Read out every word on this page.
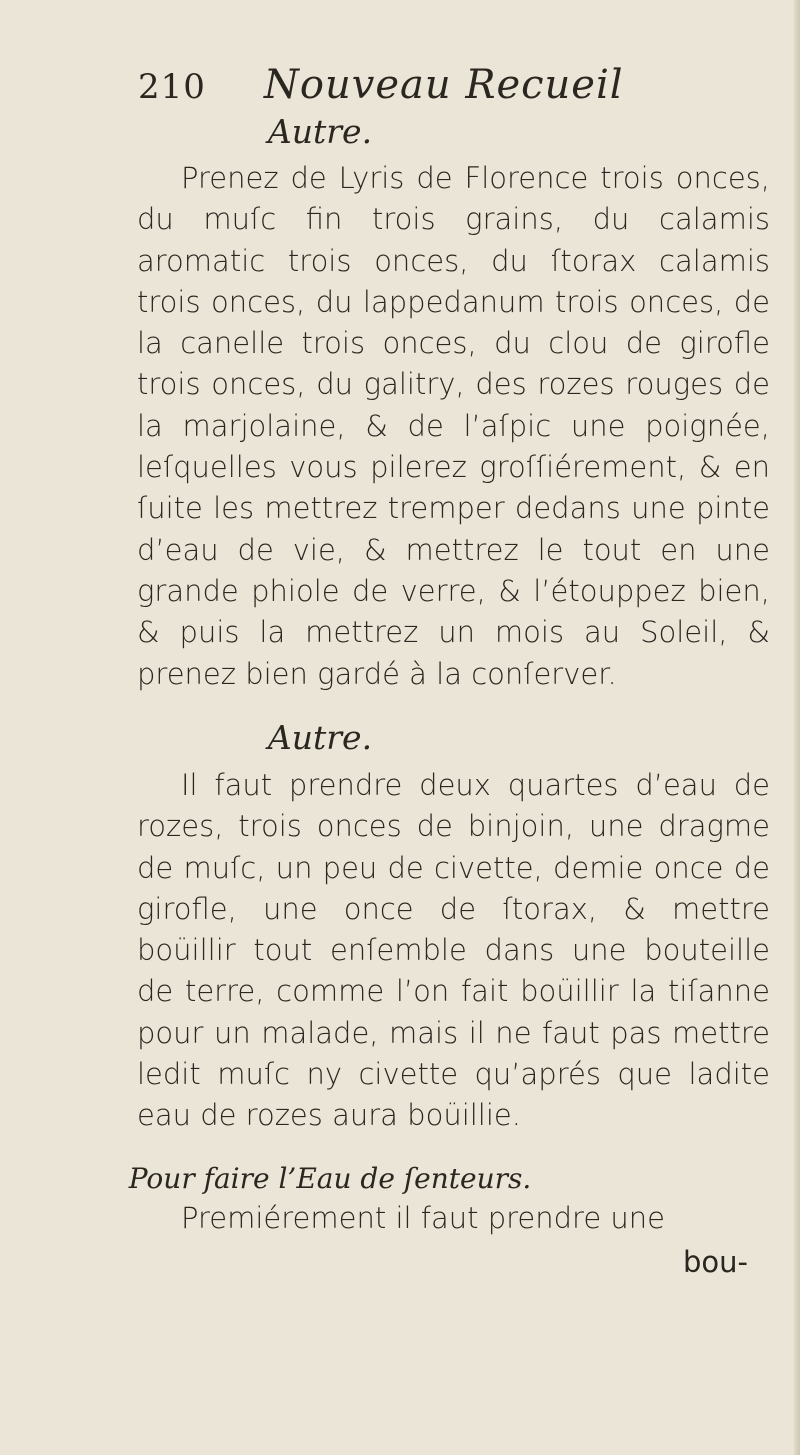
210 Nouveau Recueil
Autre.
Prenez de Lyris de Florence trois onces, du muſc fin trois grains, du calamis aromatic trois onces, du ſtorax calamis trois onces, du lappedanum trois onces, de la canelle trois onces, du clou de girofle trois onces, du galitry, des rozes rouges de la marjolaine, & de l’aſpic une poignée, leſquelles vous pilerez groſſiérement, & en ſuite les mettrez tremper dedans une pinte d’eau de vie, & mettrez le tout en une grande phiole de verre, & l’étouppez bien, & puis la mettrez un mois au Soleil, & prenez bien gardé à la conſerver.
Autre.
Il faut prendre deux quartes d’eau de rozes, trois onces de binjoin, une dragme de muſc, un peu de civette, demie once de girofle, une once de ſtorax, & mettre boüillir tout enſemble dans une bouteille de terre, comme l’on fait boüillir la tiſanne pour un malade, mais il ne faut pas mettre ledit muſc ny civette qu’aprés que ladite eau de rozes aura boüillie.
Pour faire l’Eau de ſenteurs.
Premiérement il faut prendre une
bou-
